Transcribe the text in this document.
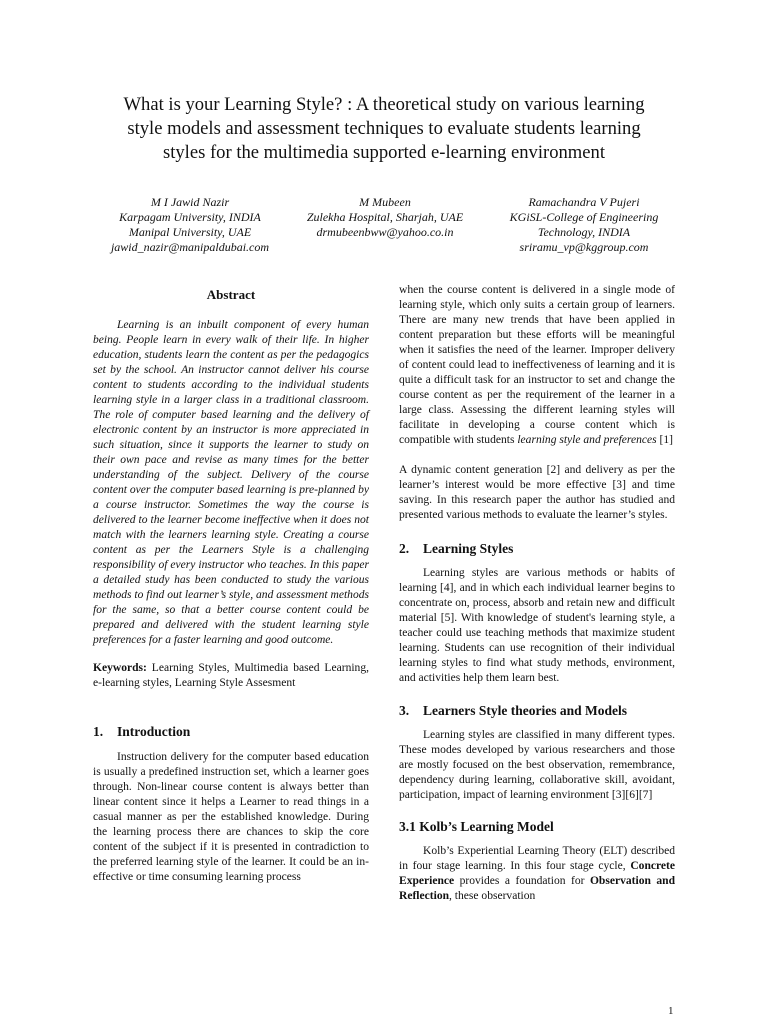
What is your Learning Style? : A theoretical study on various learning
style models and assessment techniques to evaluate students learning
styles for the multimedia supported e-learning environment
M I Jawid Nazir
Karpagam University, INDIA
Manipal University, UAE
jawid_nazir@manipaldubai.com
M Mubeen
Zulekha Hospital, Sharjah, UAE
drmubeenbww@yahoo.co.in
Ramachandra V Pujeri
KGiSL-College of Engineering
Technology, INDIA
sriramu_vp@kggroup.com
Abstract

Learning is an inbuilt component of every human being. People learn in every walk of their life. In higher education, students learn the content as per the pedagogics set by the school. An instructor cannot deliver his course content to students according to the individual students learning style in a larger class in a traditional classroom. The role of computer based learning and the delivery of electronic content by an instructor is more appreciated in such situation, since it supports the learner to study on their own pace and revise as many times for the better understanding of the subject. Delivery of the course content over the computer based learning is pre-planned by a course instructor. Sometimes the way the course is delivered to the learner become ineffective when it does not match with the learners learning style. Creating a course content as per the Learners Style is a challenging responsibility of every instructor who teaches. In this paper a detailed study has been conducted to study the various methods to find out learner’s style, and assessment methods for the same, so that a better course content could be prepared and delivered with the student learning style preferences for a faster learning and good outcome.

Keywords: Learning Styles, Multimedia based Learning, e-learning styles, Learning Style Assesment

1.	Introduction

Instruction delivery for the computer based education is usually a predefined instruction set, which a learner goes through. Non-linear course content is always better than linear content since it helps a Learner to read things in a casual manner as per the established knowledge. During the learning process there are chances to skip the core content of the subject if it is presented in contradiction to the preferred learning style of the learner. It could be an in- effective or time consuming learning process

when the course content is delivered in a single mode of learning style, which only suits a certain group of learners. There are many new trends that have been applied in content preparation but these efforts will be meaningful when it satisfies the need of the learner. Improper delivery of content could lead to ineffectiveness of learning and it is quite a difficult task for an instructor to set and change the course content as per the requirement of the learner in a large class. Assessing the different learning styles will facilitate in developing a course content which is compatible with students learning style and preferences [1]

A dynamic content generation [2] and delivery as per the learner’s interest would be more effective [3] and time saving. In this research paper the author has studied and presented various methods to evaluate the learner’s styles.

2.	Learning Styles

Learning styles are various methods or habits of learning [4], and in which each individual learner begins to concentrate on, process, absorb and retain new and difficult material [5]. With knowledge of student's learning style, a teacher could use teaching methods that maximize student learning. Students can use recognition of their individual learning styles to find what study methods, environment, and activities help them learn best.

3.	Learners Style theories and Models

Learning styles are classified in many different types. These modes developed by various researchers and those are mostly focused on the best observation, remembrance, dependency during learning, collaborative skill, avoidant, participation, impact of learning environment [3][6][7]

3.1 Kolb’s Learning Model

Kolb’s Experiential Learning Theory (ELT) described in four stage learning. In this four stage cycle, Concrete Experience provides a foundation for Observation and Reflection, these observation

1
